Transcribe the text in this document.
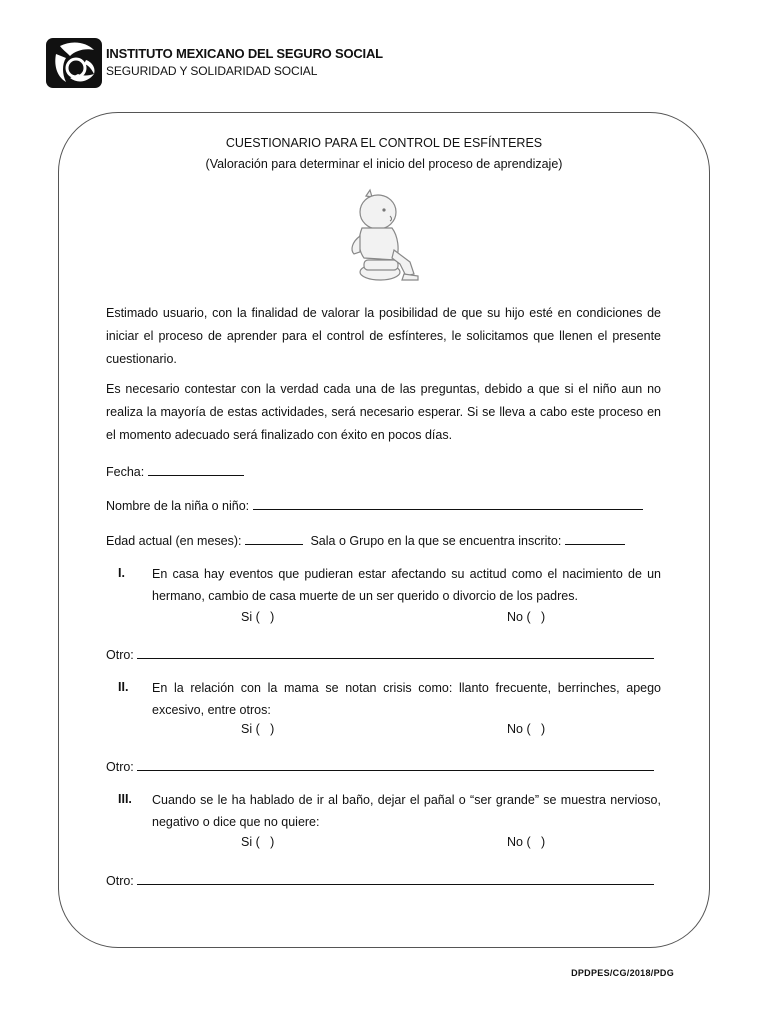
INSTITUTO MEXICANO DEL SEGURO SOCIAL
SEGURIDAD Y SOLIDARIDAD SOCIAL
CUESTIONARIO PARA EL CONTROL DE ESFÍNTERES
(Valoración para determinar el inicio del proceso de aprendizaje)
Estimado usuario, con la finalidad de valorar la posibilidad de que su hijo esté en condiciones de iniciar el proceso de aprender para el control de esfínteres, le solicitamos que llenen el presente cuestionario.
Es necesario contestar con la verdad cada una de las preguntas, debido a que si el niño aun no realiza la mayoría de estas actividades, será necesario esperar. Si se lleva a cabo este proceso en el momento adecuado será finalizado con éxito en pocos días.
Fecha:
Nombre de la niña o niño:
Edad actual (en meses):	Sala o Grupo en la que se encuentra inscrito:
I. En casa hay eventos que pudieran estar afectando su actitud como el nacimiento de un hermano, cambio de casa muerte de un ser querido o divorcio de los padres.
Si (   )	No (   )
Otro:
II. En la relación con la mama se notan crisis como: llanto frecuente, berrinches, apego excesivo, entre otros:
Si (   )	No (   )
Otro:
III. Cuando se le ha hablado de ir al baño, dejar el pañal o “ser grande” se muestra nervioso, negativo o dice que no quiere:
Si (   )	No (   )
Otro:
DPDPES/CG/2018/PDG
